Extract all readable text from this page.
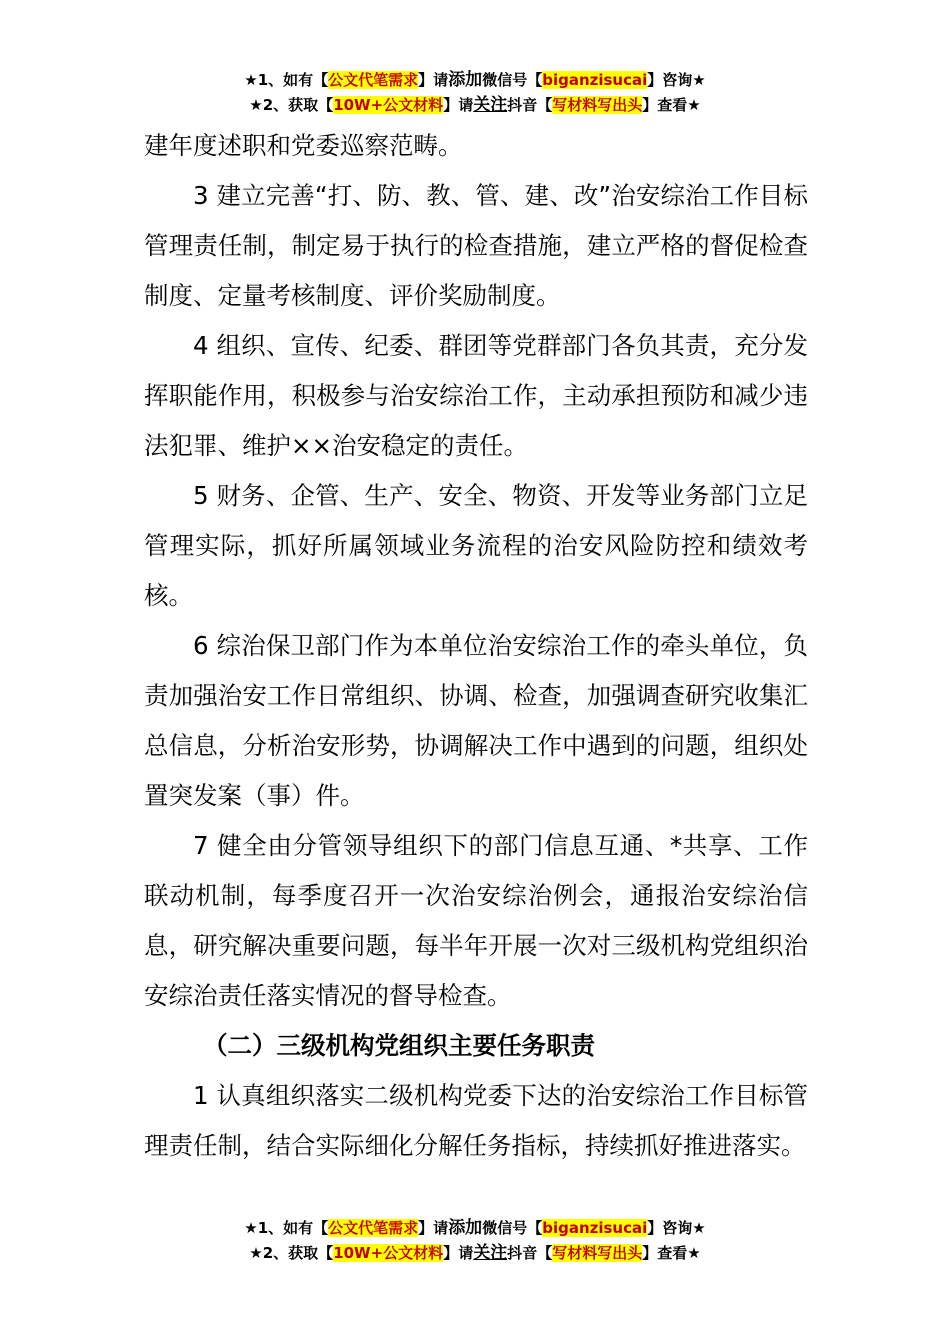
★1、如有【公文代笔需求】请添加微信号【biganzisucai】咨询★
★2、获取【10W+公文材料】请关注抖音【写材料写出头】查看★

建年度述职和党委巡察范畴。

3 建立完善“打、防、教、管、建、改”治安综治工作目标管理责任制，制定易于执行的检查措施，建立严格的督促检查制度、定量考核制度、评价奖励制度。

4 组织、宣传、纪委、群团等党群部门各负其责，充分发挥职能作用，积极参与治安综治工作，主动承担预防和减少违法犯罪、维护××治安稳定的责任。

5 财务、企管、生产、安全、物资、开发等业务部门立足管理实际，抓好所属领域业务流程的治安风险防控和绩效考核。

6 综治保卫部门作为本单位治安综治工作的牵头单位，负责加强治安工作日常组织、协调、检查，加强调查研究收集汇总信息，分析治安形势，协调解决工作中遇到的问题，组织处置突发案（事）件。

7 健全由分管领导组织下的部门信息互通、*共享、工作联动机制，每季度召开一次治安综治例会，通报治安综治信息，研究解决重要问题，每半年开展一次对三级机构党组织治安综治责任落实情况的督导检查。

（二）三级机构党组织主要任务职责

1 认真组织落实二级机构党委下达的治安综治工作目标管理责任制，结合实际细化分解任务指标，持续抓好推进落实。

★1、如有【公文代笔需求】请添加微信号【biganzisucai】咨询★
★2、获取【10W+公文材料】请关注抖音【写材料写出头】查看★
